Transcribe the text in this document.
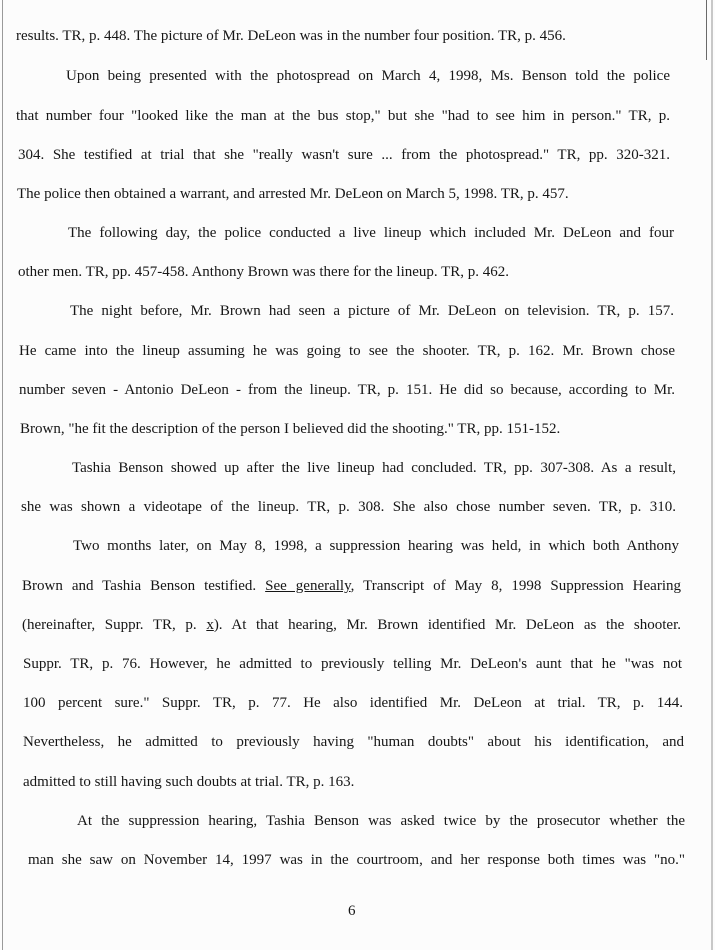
results. TR, p. 448. The picture of Mr. DeLeon was in the number four position. TR, p. 456.
Upon being presented with the photospread on March 4, 1998, Ms. Benson told the police
that number four "looked like the man at the bus stop," but she "had to see him in person." TR, p.
304. She testified at trial that she "really wasn't sure ... from the photospread." TR, pp. 320-321.
The police then obtained a warrant, and arrested Mr. DeLeon on March 5, 1998. TR, p. 457.
The following day, the police conducted a live lineup which included Mr. DeLeon and four
other men. TR, pp. 457-458. Anthony Brown was there for the lineup. TR, p. 462.
The night before, Mr. Brown had seen a picture of Mr. DeLeon on television. TR, p. 157.
He came into the lineup assuming he was going to see the shooter. TR, p. 162. Mr. Brown chose
number seven - Antonio DeLeon - from the lineup. TR, p. 151. He did so because, according to Mr.
Brown, "he fit the description of the person I believed did the shooting." TR, pp. 151-152.
Tashia Benson showed up after the live lineup had concluded. TR, pp. 307-308. As a result,
she was shown a videotape of the lineup. TR, p. 308. She also chose number seven. TR, p. 310.
Two months later, on May 8, 1998, a suppression hearing was held, in which both Anthony
Brown and Tashia Benson testified. See generally, Transcript of May 8, 1998 Suppression Hearing
(hereinafter, Suppr. TR, p. x). At that hearing, Mr. Brown identified Mr. DeLeon as the shooter.
Suppr. TR, p. 76. However, he admitted to previously telling Mr. DeLeon's aunt that he "was not
100 percent sure." Suppr. TR, p. 77. He also identified Mr. DeLeon at trial. TR, p. 144.
Nevertheless, he admitted to previously having "human doubts" about his identification, and
admitted to still having such doubts at trial. TR, p. 163.
At the suppression hearing, Tashia Benson was asked twice by the prosecutor whether the
man she saw on November 14, 1997 was in the courtroom, and her response both times was "no."
6
